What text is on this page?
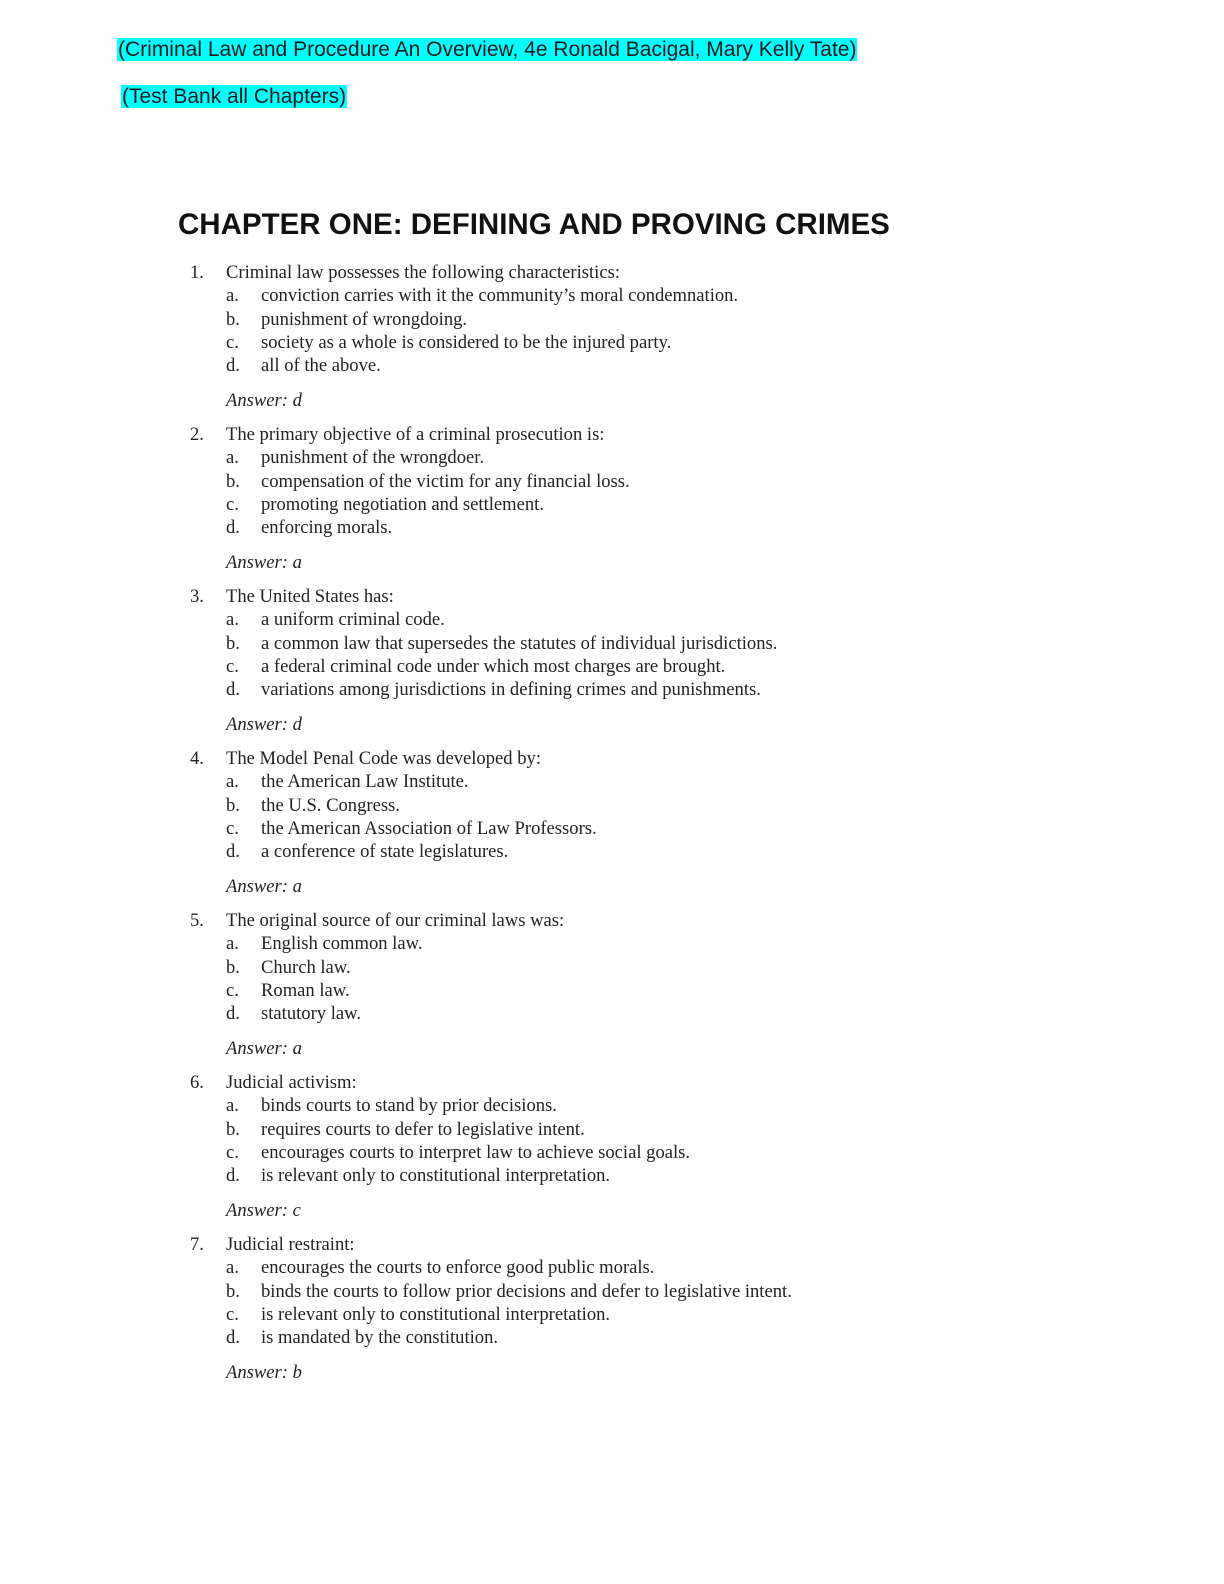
(Criminal Law and Procedure An Overview, 4e Ronald Bacigal, Mary Kelly Tate)
(Test Bank all Chapters)
CHAPTER ONE: DEFINING AND PROVING CRIMES
1. Criminal law possesses the following characteristics:
a. conviction carries with it the community’s moral condemnation.
b. punishment of wrongdoing.
c. society as a whole is considered to be the injured party.
d. all of the above.
Answer: d
2. The primary objective of a criminal prosecution is:
a. punishment of the wrongdoer.
b. compensation of the victim for any financial loss.
c. promoting negotiation and settlement.
d. enforcing morals.
Answer: a
3. The United States has:
a. a uniform criminal code.
b. a common law that supersedes the statutes of individual jurisdictions.
c. a federal criminal code under which most charges are brought.
d. variations among jurisdictions in defining crimes and punishments.
Answer: d
4. The Model Penal Code was developed by:
a. the American Law Institute.
b. the U.S. Congress.
c. the American Association of Law Professors.
d. a conference of state legislatures.
Answer: a
5. The original source of our criminal laws was:
a. English common law.
b. Church law.
c. Roman law.
d. statutory law.
Answer: a
6. Judicial activism:
a. binds courts to stand by prior decisions.
b. requires courts to defer to legislative intent.
c. encourages courts to interpret law to achieve social goals.
d. is relevant only to constitutional interpretation.
Answer: c
7. Judicial restraint:
a. encourages the courts to enforce good public morals.
b. binds the courts to follow prior decisions and defer to legislative intent.
c. is relevant only to constitutional interpretation.
d. is mandated by the constitution.
Answer: b
